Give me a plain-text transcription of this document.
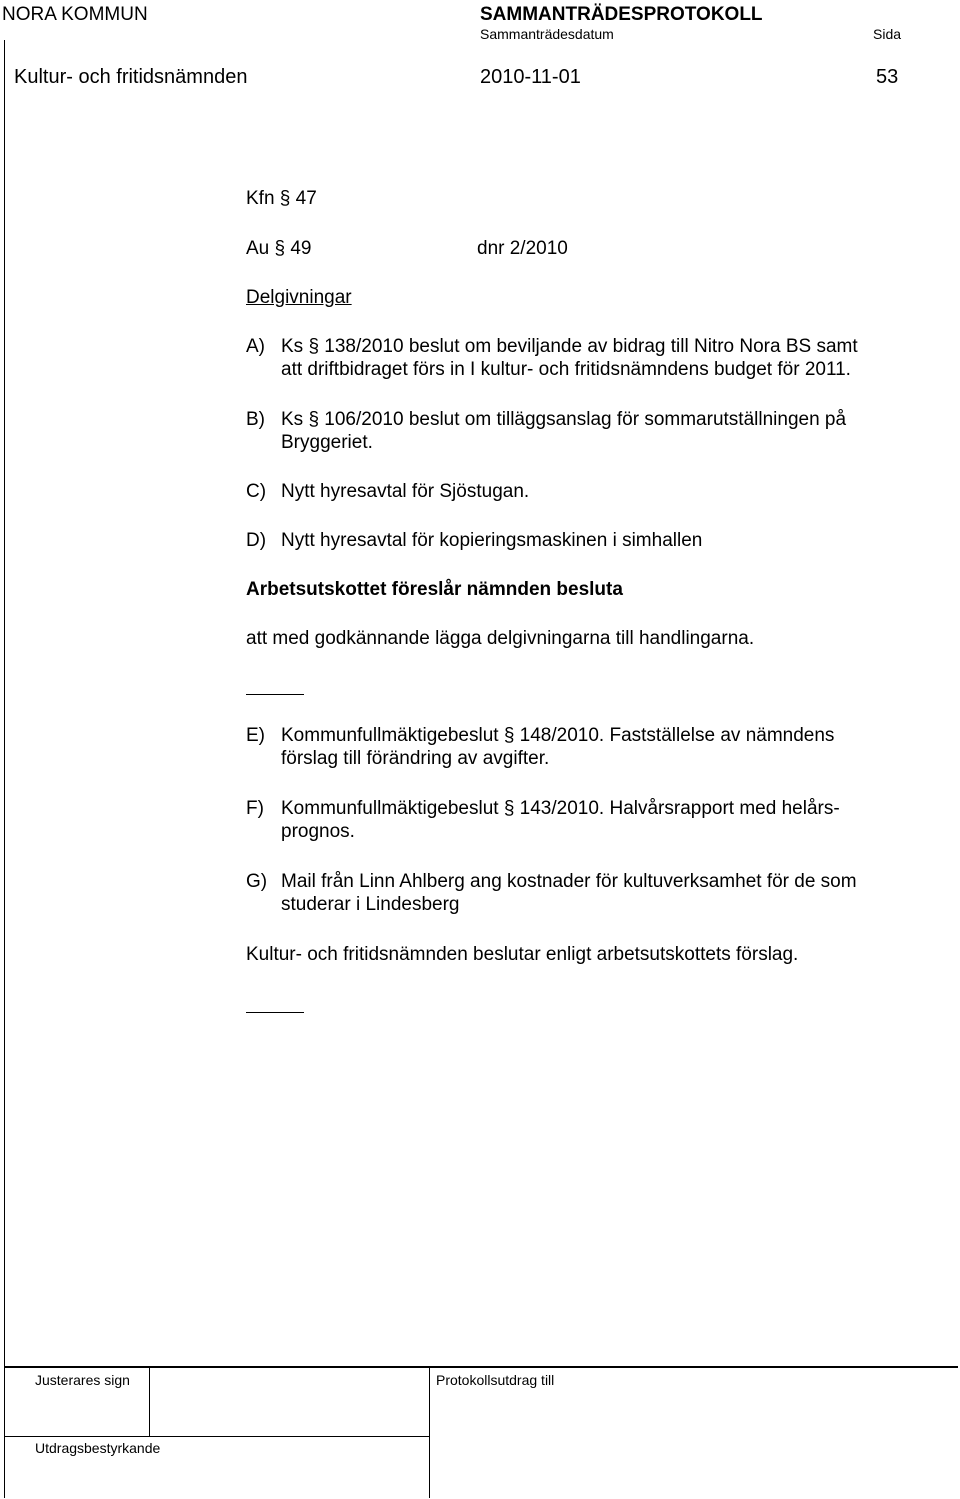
NORA KOMMUN	SAMMANTRÄDESPROTOKOLL
Sammanträdesdatum	Sida
Kultur- och fritidsnämnden	2010-11-01	53
Kfn § 47
Au § 49	dnr 2/2010
Delgivningar
A) Ks § 138/2010 beslut om beviljande av bidrag till Nitro Nora BS samt
att driftbidraget förs in I kultur- och fritidsnämndens budget för 2011.
B) Ks § 106/2010 beslut om tilläggsanslag för sommarutställningen på
Bryggeriet.
C) Nytt hyresavtal för Sjöstugan.
D) Nytt hyresavtal för kopieringsmaskinen i simhallen
Arbetsutskottet föreslår nämnden besluta
att med godkännande lägga delgivningarna till handlingarna.
E) Kommunfullmäktigebeslut § 148/2010. Fastställelse av nämndens
förslag till förändring av avgifter.
F) Kommunfullmäktigebeslut § 143/2010. Halvårsrapport med helårs-
prognos.
G) Mail från Linn Ahlberg ang kostnader för kultuverksamhet för de som
studerar i Lindesberg
Kultur- och fritidsnämnden beslutar enligt arbetsutskottets förslag.
Justerares sign	Protokollsutdrag till
Utdragsbestyrkande
